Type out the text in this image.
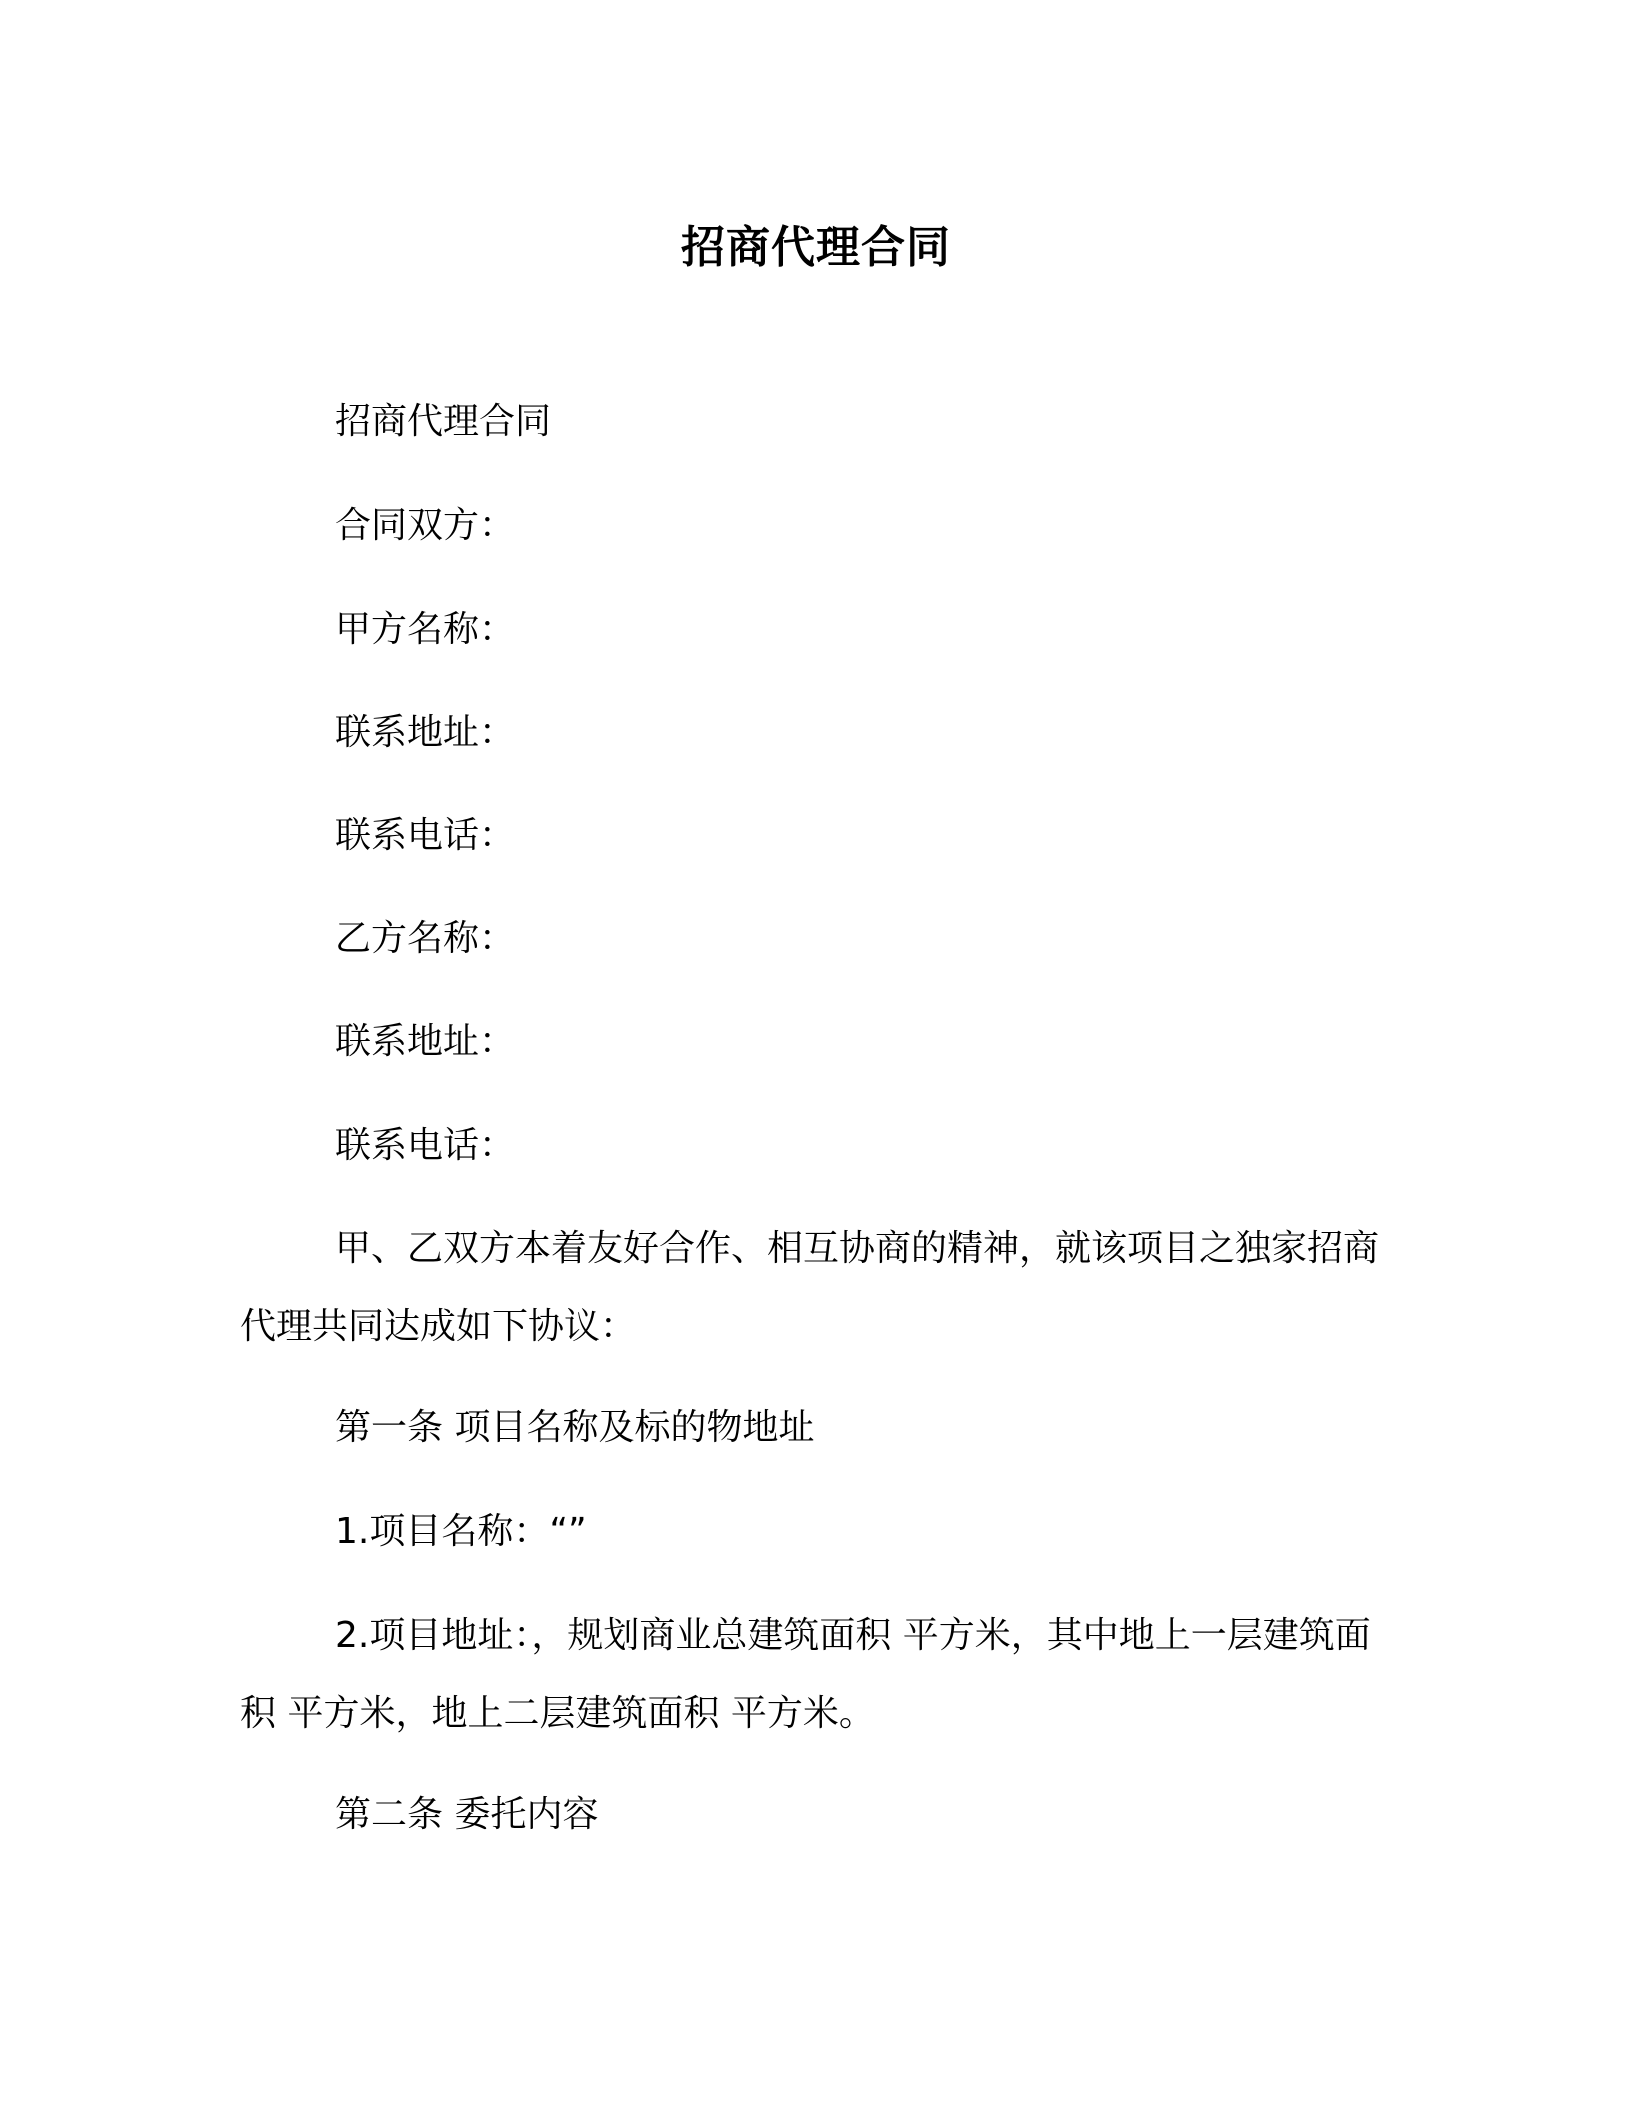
招商代理合同
招商代理合同
合同双方：
甲方名称：
联系地址：
联系电话：
乙方名称：
联系地址：
联系电话：
甲、乙双方本着友好合作、相互协商的精神，就该项目之独家招商代理共同达成如下协议：
第一条 项目名称及标的物地址
1.项目名称：“”
2.项目地址：，规划商业总建筑面积 平方米，其中地上一层建筑面积 平方米，地上二层建筑面积 平方米。
第二条 委托内容
